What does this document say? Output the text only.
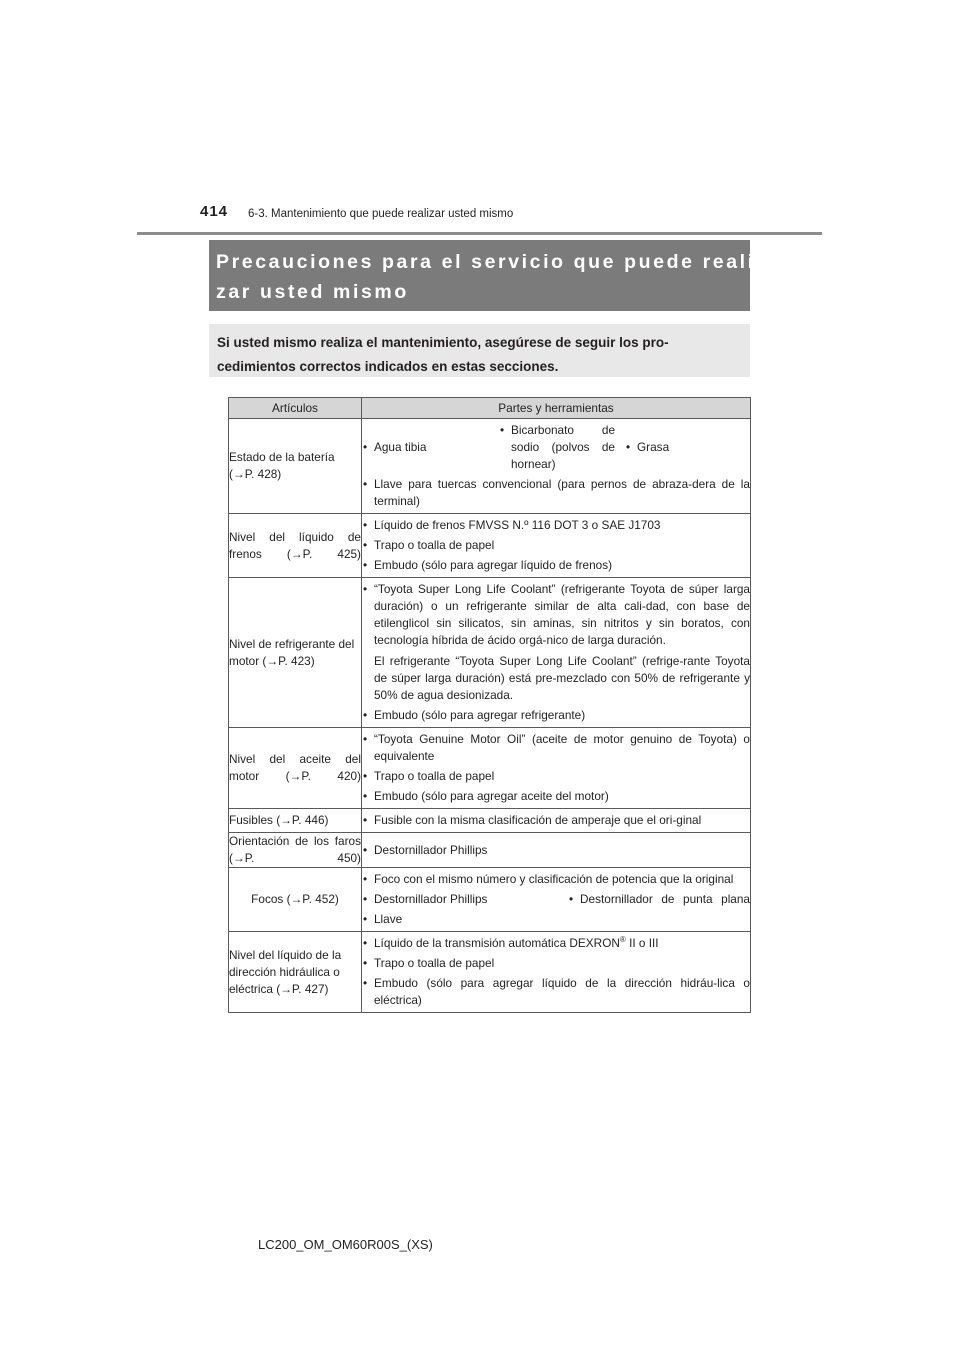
414 6-3. Mantenimiento que puede realizar usted mismo
Precauciones para el servicio que puede reali-
zar usted mismo
Si usted mismo realiza el mantenimiento, asegúrese de seguir los pro-
cedimientos correctos indicados en estas secciones.
Artículos	Partes y herramientas
Estado de la batería (→P. 428)	• Agua tibia
• Bicarbonato de sodio (polvos de hornear)
• Grasa
• Llave para tuercas convencional (para pernos de abraza-dera de la terminal)

Nivel del líquido de frenos (→P. 425)	• Líquido de frenos FMVSS N.º 116 DOT 3 o SAE J1703
• Trapo o toalla de papel
• Embudo (sólo para agregar líquido de frenos)

Nivel de refrigerante del motor (→P. 423)	• “Toyota Super Long Life Coolant” (refrigerante Toyota de súper larga duración) o un refrigerante similar de alta cali-dad, con base de etilenglicol sin silicatos, sin aminas, sin nitritos y sin boratos, con tecnología híbrida de ácido orgá-nico de larga duración.
El refrigerante “Toyota Super Long Life Coolant” (refrige-rante Toyota de súper larga duración) está pre-mezclado con 50% de refrigerante y 50% de agua desionizada.
• Embudo (sólo para agregar refrigerante)

Nivel del aceite del motor (→P. 420)	• “Toyota Genuine Motor Oil” (aceite de motor genuino de Toyota) o equivalente
• Trapo o toalla de papel
• Embudo (sólo para agregar aceite del motor)

Fusibles (→P. 446)	• Fusible con la misma clasificación de amperaje que el ori-ginal

Orientación de los faros (→P. 450)	• Destornillador Phillips

Focos (→P. 452)	• Foco con el mismo número y clasificación de potencia que la original
• Destornillador Phillips • Destornillador de punta plana
• Llave

Nivel del líquido de la dirección hidráulica o eléctrica (→P. 427)	• Líquido de la transmisión automática DEXRON® II o III
• Trapo o toalla de papel
• Embudo (sólo para agregar líquido de la dirección hidráu-lica o eléctrica)
LC200_OM_OM60R00S_(XS)
